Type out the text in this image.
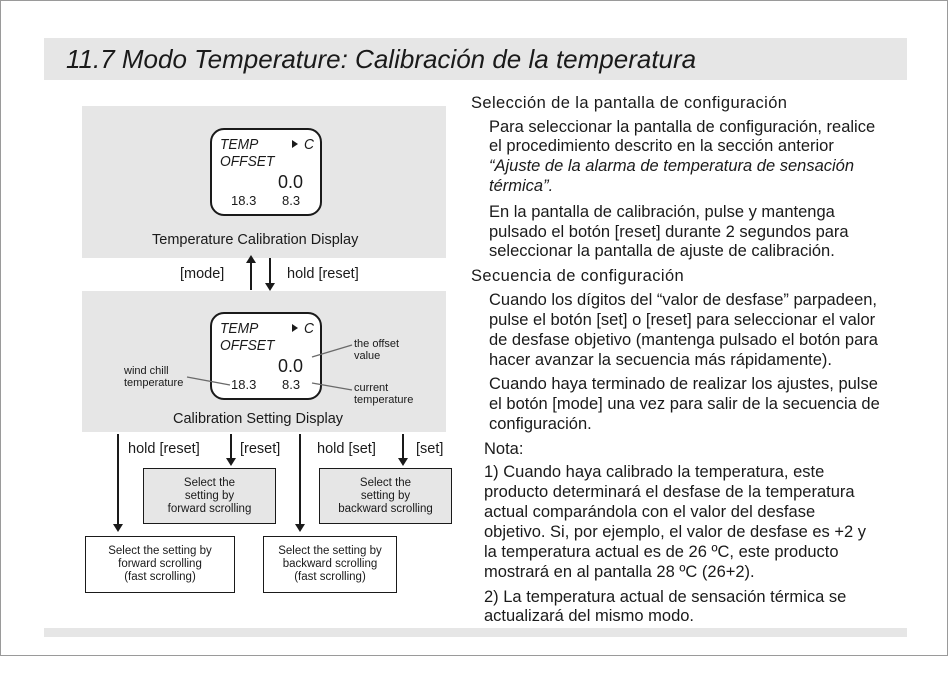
11.7 Modo Temperature: Calibración de la temperatura
TEMP	C
OFFSET
0.0
18.3 8.3
Temperature Calibration Display
[mode]	hold [reset]
TEMP	C
OFFSET
0.0
18.3 8.3
wind chill
temperature
the offset
value
current
temperature
Calibration Setting Display
hold [reset]	[reset]	hold [set]	[set]
Select the
setting by
forward scrolling
Select the
setting by
backward scrolling
Select the setting by
forward scrolling
(fast scrolling)
Select the setting by
backward scrolling
(fast scrolling)
Selección de la pantalla de configuración
Para seleccionar la pantalla de configuración, realice
el procedimiento descrito en la sección anterior
“Ajuste de la alarma de temperatura de sensación
térmica”.
En la pantalla de calibración, pulse y mantenga
pulsado el botón [reset] durante 2 segundos para
seleccionar la pantalla de ajuste de calibración.
Secuencia de configuración
Cuando los dígitos del “valor de desfase” parpadeen,
pulse el botón [set] o [reset] para seleccionar el valor
de desfase objetivo (mantenga pulsado el botón para
hacer avanzar la secuencia más rápidamente).
Cuando haya terminado de realizar los ajustes, pulse
el botón [mode] una vez para salir de la secuencia de
configuración.
Nota:
1) Cuando haya calibrado la temperatura, este
producto determinará el desfase de la temperatura
actual comparándola con el valor del desfase
objetivo. Si, por ejemplo, el valor de desfase es +2 y
la temperatura actual es de 26 ºC, este producto
mostrará en al pantalla 28 ºC (26+2).
2) La temperatura actual de sensación térmica se
actualizará del mismo modo.
